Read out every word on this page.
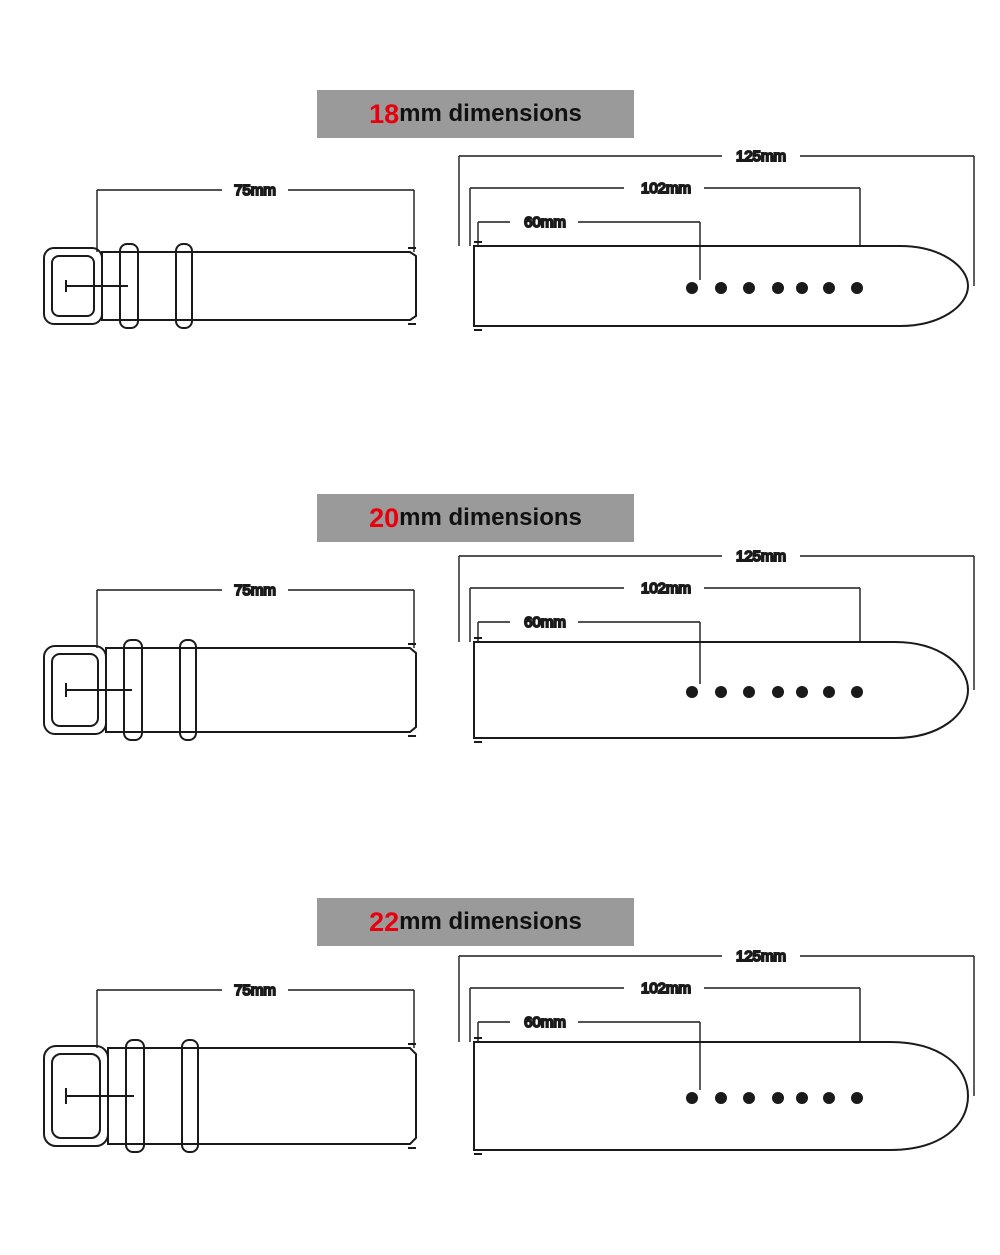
18 mm dimensions
75mm
125mm
102mm
60mm
20 mm dimensions
75mm
125mm
102mm
60mm
22 mm dimensions
75mm
125mm
102mm
60mm
